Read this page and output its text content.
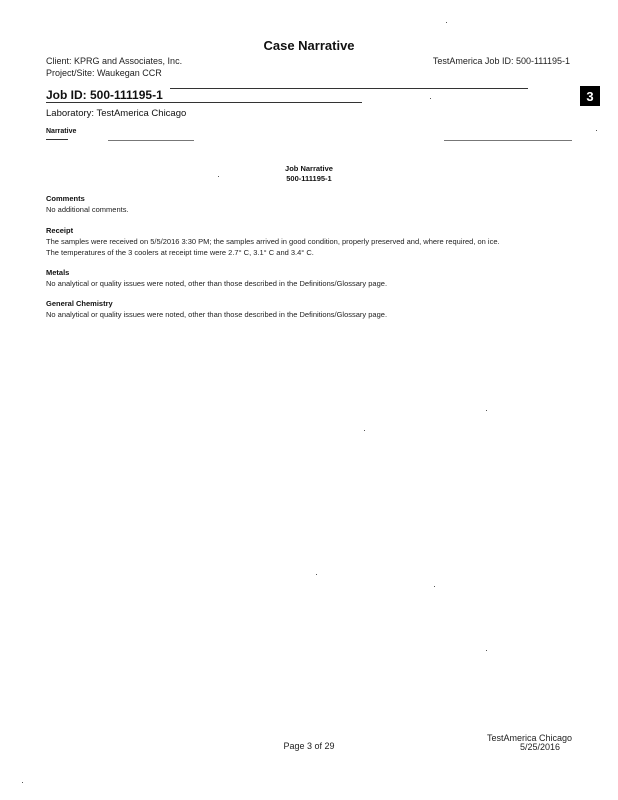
Case Narrative
Client: KPRG and Associates, Inc.
Project/Site: Waukegan CCR
TestAmerica Job ID: 500-111195-1
Job ID: 500-111195-1	3
Laboratory: TestAmerica Chicago
Narrative
Job Narrative
500-111195-1
Comments
No additional comments.
Receipt
The samples were received on 5/5/2016 3:30 PM; the samples arrived in good condition, properly preserved and, where required, on ice.
The temperatures of the 3 coolers at receipt time were 2.7° C, 3.1° C and 3.4° C.
Metals
No analytical or quality issues were noted, other than those described in the Definitions/Glossary page.
General Chemistry
No analytical or quality issues were noted, other than those described in the Definitions/Glossary page.
Page 3 of 29
TestAmerica Chicago
5/25/2016
